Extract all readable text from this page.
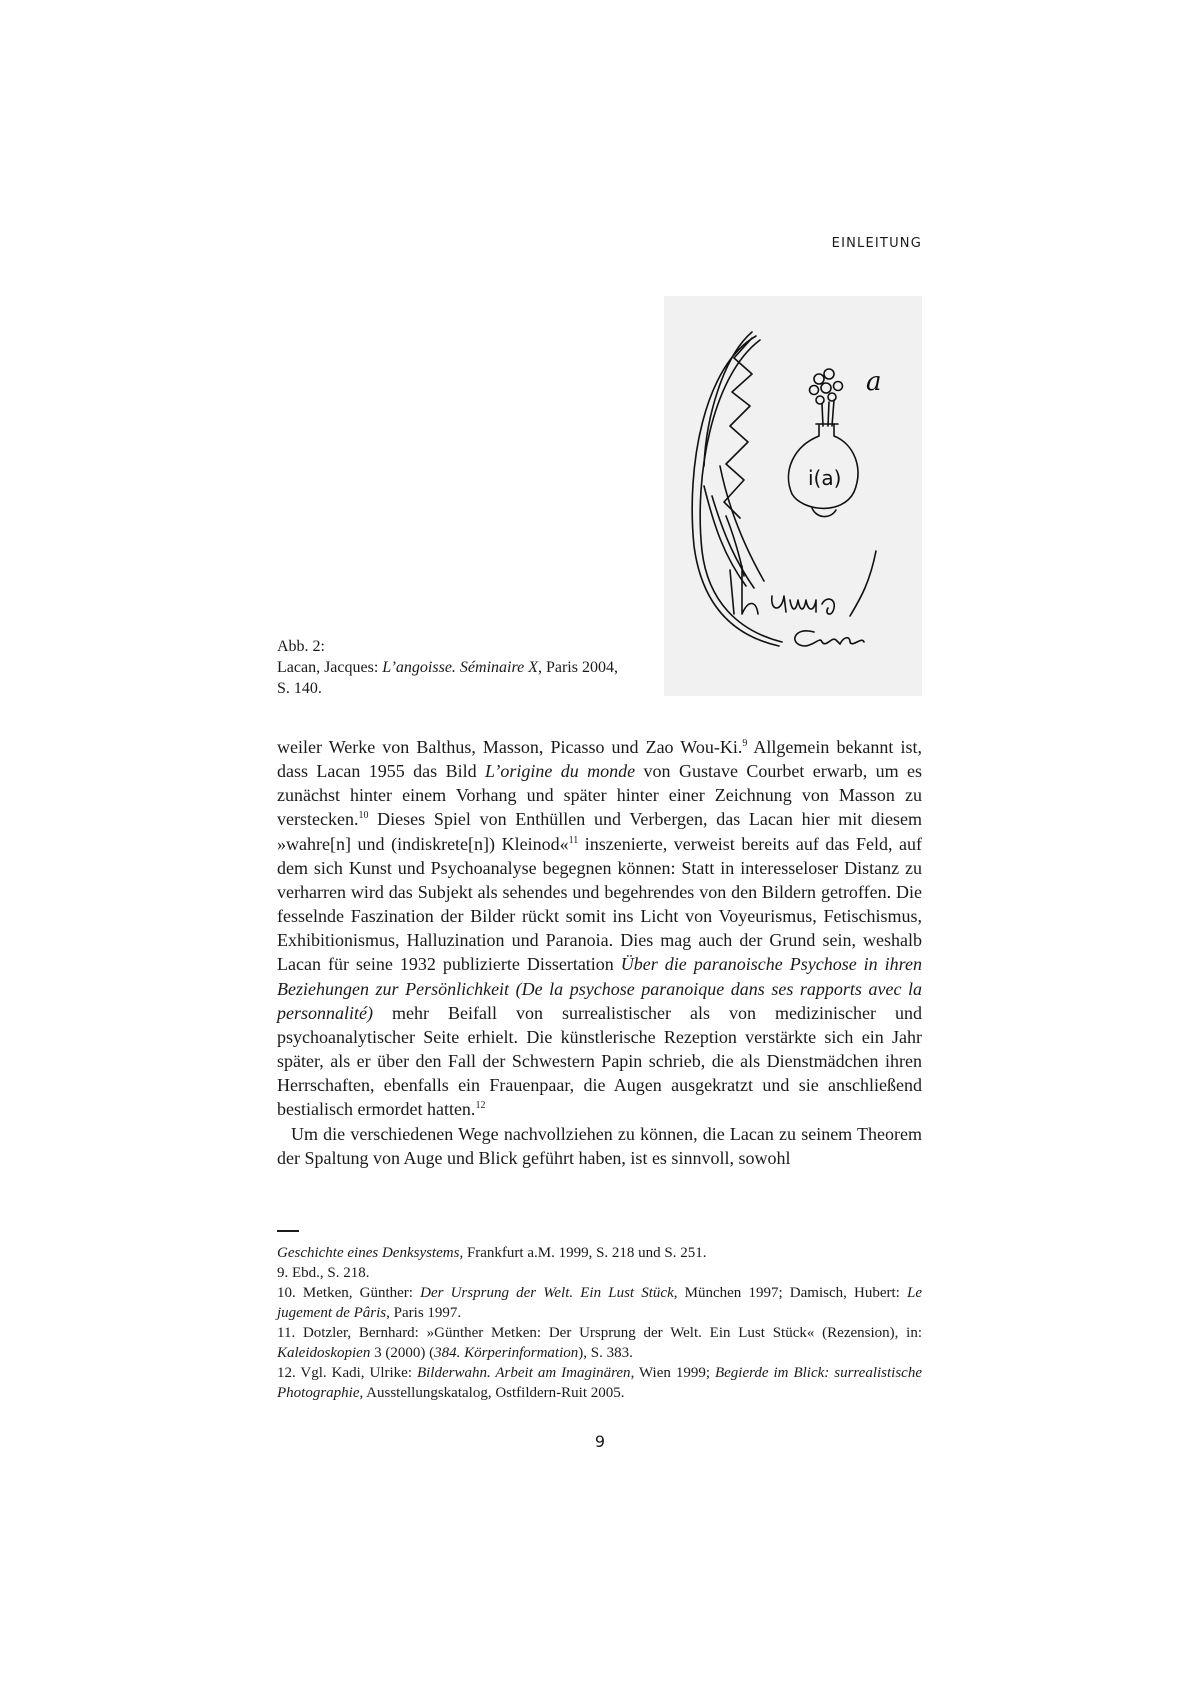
EINLEITUNG
a
i(a)
Abb. 2:
Lacan, Jacques: L’angoisse. Séminaire X, Paris 2004,
S. 140.

weiler Werke von Balthus, Masson, Picasso und Zao Wou-Ki.$^9$ Allgemein bekannt ist, dass Lacan 1955 das Bild L’origine du monde von Gustave Courbet erwarb, um es zunächst hinter einem Vorhang und später hinter einer Zeichnung von Masson zu verstecken.$^{10}$ Dieses Spiel von Enthüllen und Verbergen, das Lacan hier mit diesem »wahre[n] und (indiskrete[n]) Kleinod«$^{11}$ inszenierte, verweist bereits auf das Feld, auf dem sich Kunst und Psychoanalyse begegnen können: Statt in interesseloser Distanz zu verharren wird das Subjekt als sehendes und begehrendes von den Bildern getroffen. Die fesselnde Faszination der Bilder rückt somit ins Licht von Voyeurismus, Fetischismus, Exhibitionismus, Halluzination und Paranoia. Dies mag auch der Grund sein, weshalb Lacan für seine 1932 publizierte Dissertation Über die paranoische Psychose in ihren Beziehungen zur Persönlichkeit (De la psychose paranoique dans ses rapports avec la personnalité) mehr Beifall von surrealistischer als von medizinischer und psychoanalytischer Seite erhielt. Die künstlerische Rezeption verstärkte sich ein Jahr später, als er über den Fall der Schwestern Papin schrieb, die als Dienstmädchen ihren Herrschaften, ebenfalls ein Frauenpaar, die Augen ausgekratzt und sie anschließend bestialisch ermordet hatten.$^{12}$

Um die verschiedenen Wege nachvollziehen zu können, die Lacan zu seinem Theorem der Spaltung von Auge und Blick geführt haben, ist es sinnvoll, sowohl

Geschichte eines Denksystems, Frankfurt a.M. 1999, S. 218 und S. 251.

9. Ebd., S. 218.

10. Metken, Günther: Der Ursprung der Welt. Ein Lust Stück, München 1997; Damisch, Hubert: Le jugement de Pâris, Paris 1997.

11. Dotzler, Bernhard: »Günther Metken: Der Ursprung der Welt. Ein Lust Stück« (Rezension), in: Kaleidoskopien 3 (2000) (384. Körperinformation), S. 383.

12. Vgl. Kadi, Ulrike: Bilderwahn. Arbeit am Imaginären, Wien 1999; Begierde im Blick: surrealistische Photographie, Ausstellungskatalog, Ostfildern-Ruit 2005.

9
